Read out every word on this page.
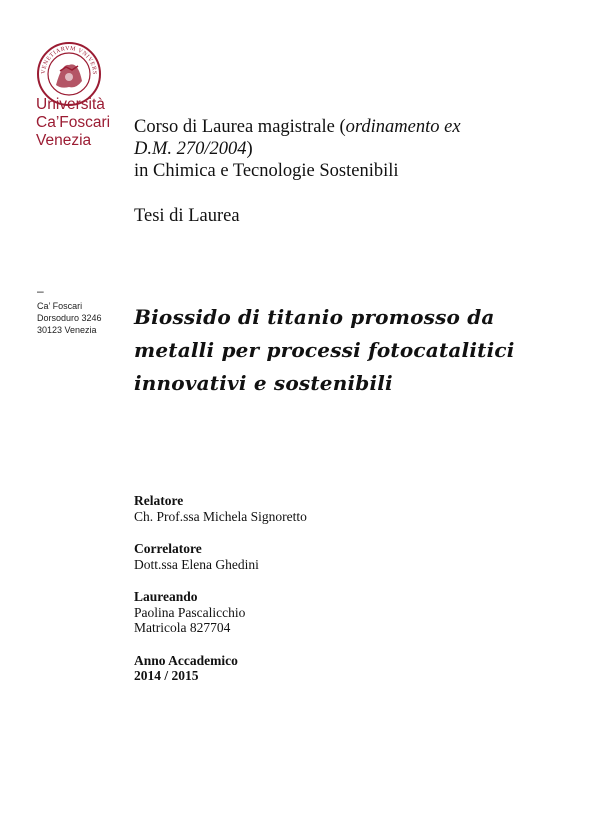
VENETIARVM VNIVERS
Università
Ca’Foscari
Venezia
–
Ca’ Foscari
Dorsoduro 3246
30123 Venezia
Corso di Laurea magistrale (ordinamento ex
D.M. 270/2004)
in Chimica e Tecnologie Sostenibili
Tesi di Laurea
Biossido di titanio promosso da
metalli per processi fotocatalitici
innovativi e sostenibili
Relatore
Ch. Prof.ssa Michela Signoretto
Correlatore
Dott.ssa Elena Ghedini
Laureando
Paolina Pascalicchio
Matricola 827704
Anno Accademico
2014 / 2015
